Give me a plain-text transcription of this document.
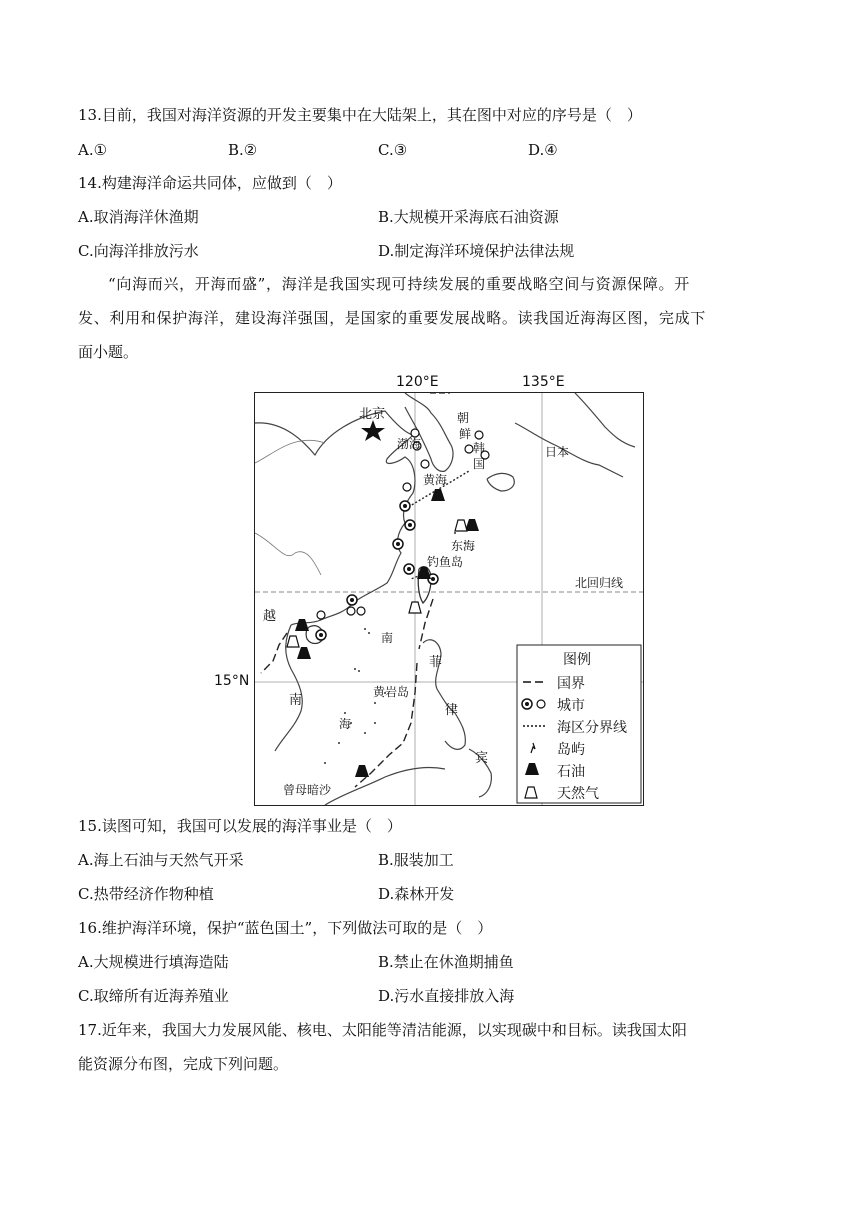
13.目前，我国对海洋资源的开发主要集中在大陆架上，其在图中对应的序号是（　）
A.①	B.②	C.③	D.④
14.构建海洋命运共同体，应做到（　）
A.取消海洋休渔期	B.大规模开采海底石油资源
C.向海洋排放污水	D.制定海洋环境保护法律法规
“向海而兴，开海而盛”，海洋是我国实现可持续发展的重要战略空间与资源保障。开
发、利用和保护海洋，建设海洋强国，是国家的重要发展战略。读我国近海海区图，完成下
面小题。
120°E	135°E
15°N
北京
渤海
朝
鲜
韩
国
日本
黄海
东海
钓鱼岛
北回归线
越
南
菲
南
黄岩岛
律
海
宾
曾母暗沙
图例
国界
城市
海区分界线
岛屿
石油
天然气
15.读图可知，我国可以发展的海洋事业是（　）
A.海上石油与天然气开采	B.服装加工
C.热带经济作物种植	D.森林开发
16.维护海洋环境，保护“蓝色国土”，下列做法可取的是（　）
A.大规模进行填海造陆	B.禁止在休渔期捕鱼
C.取缔所有近海养殖业	D.污水直接排放入海
17.近年来，我国大力发展风能、核电、太阳能等清洁能源，以实现碳中和目标。读我国太阳
能资源分布图，完成下列问题。
